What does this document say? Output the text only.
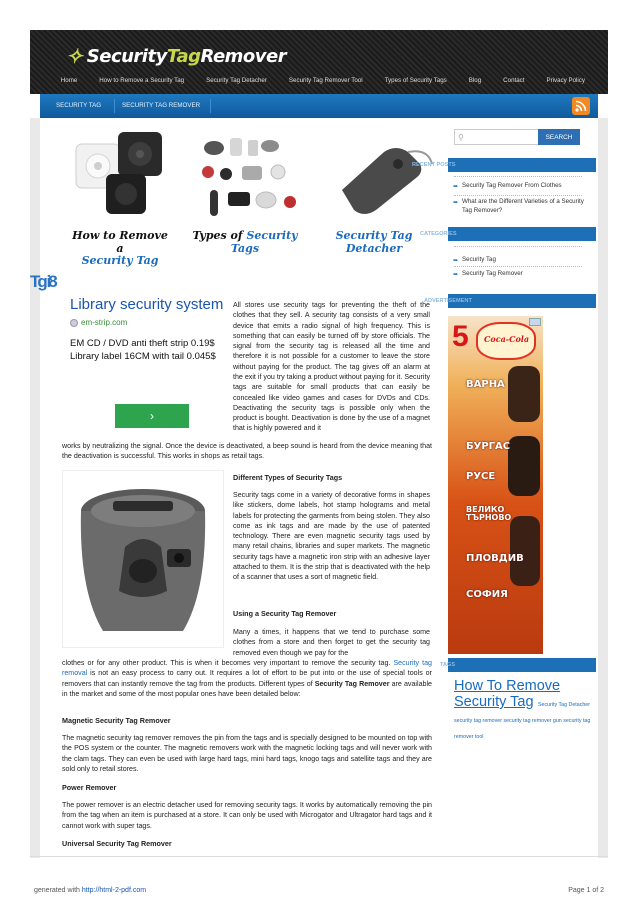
✧ SecurityTagRemover
Home	How to Remove a Security Tag	Security Tag Detacher	Security Tag Remover Tool	Types of Security Tags	Blog	Contact	Privacy Policy
SECURITY TAG	SECURITY TAG REMOVER
How to Remove a
Security Tag
Types of Security
Tags
Security Tag
Detacher
⚲	SEARCH
RECENT POSTS
➥ Security Tag Remover From Clothes
➥ What are the Different Varieties of a Security Tag Remover?
CATEGORIES
➥ Security Tag
➥ Security Tag Remover
ADVERTISEMENT
Coca-Cola
5
ВАРНА
БУРГАС
РУСЕ
ВЕЛИКО ТЪРНОВО
ПЛОВДИВ
СОФИЯ
TAGS
How To Remove
Security Tag Security Tag Detacher security tag remover security tag remover gun security tag remover tool
Tg i8
Library security system
em-strip.com
EM CD / DVD anti theft strip 0.19$ Library label 16CM with tail 0.045$
›

All stores use security tags for preventing the theft of the clothes that they sell. A security tag consists of a very small device that emits a radio signal of high frequency. This is something that can easily be turned off by store officials. The signal from the security tag is released all the time and therefore it is not possible for a customer to leave the store without paying for the product. The tag gives off an alarm at the exit if you try taking a product without paying for it. Security tags are suitable for small products that can easily be concealed like video games and cases for DVDs and CDs. Deactivating the security tags is possible only when the product is bought. Deactivation is done by the use of a magnet that is highly powered and it

works by neutralizing the signal. Once the device is deactivated, a beep sound is heard from the device meaning that the deactivation is successful. This works in shops as retail tags.

Different Types of Security Tags

Security tags come in a variety of decorative forms in shapes like stickers, dome labels, hot stamp holograms and metal labels for protecting the garments from being stolen. They also come as ink tags and are made by the use of patented technology. There are even magnetic security tags used by many retail chains, libraries and super markets. The magnetic security tags have a magnetic iron strip with an adhesive layer attached to them. It is the strip that is deactivated with the help of a scanner that uses a sort of magnetic field.

Using a Security Tag Remover

Many a times, it happens that we tend to purchase some clothes from a store and then forget to get the security tag removed even though we pay for the

clothes or for any other product. This is when it becomes very important to remove the security tag. Security tag removal is not an easy process to carry out. It requires a lot of effort to be put into or the use of special tools or removers that can instantly remove the tag from the products. Different types of Security Tag Remover are available in the market and some of the most popular ones have been detailed below:

Magnetic Security Tag Remover

The magnetic security tag remover removes the pin from the tags and is specially designed to be mounted on top with the POS system or the counter. The magnetic removers work with the magnetic locking tags and will never work with the clam tags. They can even be used with large hard tags, mini hard tags, knogo tags and satellite tags and they are sold only to retail stores.

Power Remover

The power remover is an electric detacher used for removing security tags. It works by automatically removing the pin from the tag when an item is purchased at a store. It can only be used with Microgator and Ultragator hard tags and it cannot work with super tags.

Universal Security Tag Remover
generated with http://html-2-pdf.com	Page 1 of 2
